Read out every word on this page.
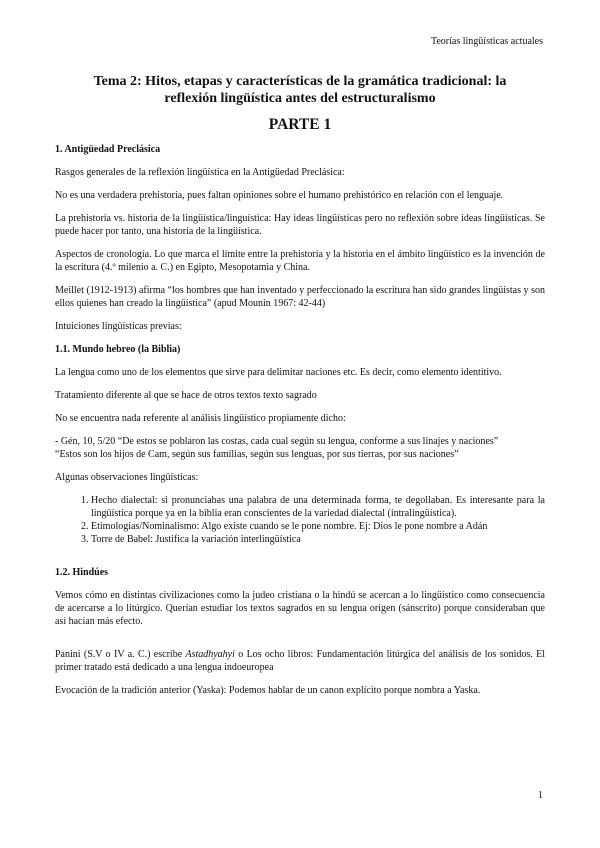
Teorías lingüísticas actuales
Tema 2: Hitos, etapas y características de la gramática tradicional: la reflexión lingüística antes del estructuralismo
PARTE 1
1. Antigüedad Preclásica

Rasgos generales de la reflexión lingüística en la Antigüedad Preclásica:

No es una verdadera prehistoria, pues faltan opiniones sobre el humano prehistórico en relación con el lenguaje.

La prehistoria vs. historia de la lingüística/linguística: Hay ideas lingüísticas pero no reflexión sobre ideas lingüísticas. Se puede hacer por tanto, una historia de la lingüística.

Aspectos de cronología. Lo que marca el límite entre la prehistoria y la historia en el ámbito lingüístico es la invención de la escritura (4.º milenio a. C.) en Egipto, Mesopotamia y China.

Meillet (1912-1913) afirma “los hombres que han inventado y perfeccionado la escritura han sido grandes lingüistas y son ellos quienes han creado la lingüística” (apud Mounin 1967: 42-44)

Intuiciones lingüísticas previas:

1.1. Mundo hebreo (la Biblia)

La lengua como uno de los elementos que sirve para delimitar naciones etc. Es decir, como elemento identitivo.

Tratamiento diferente al que se hace de otros textos texto sagrado

No se encuentra nada referente al análisis lingüístico propiamente dicho:

- Gén, 10, 5/20 “De estos se poblaron las costas, cada cual según su lengua, conforme a sus linajes y naciones”
“Estos son los hijos de Cam, según sus familias, según sus lenguas, por sus tierras, por sus naciones”

Algunas observaciones lingüísticas:

1. Hecho dialectal: si pronunciabas una palabra de una determinada forma, te degollaban. Es interesante para la lingüística porque ya en la biblia eran conscientes de la variedad dialectal (intralingüística).
2. Etimologías/Nominalismo: Algo existe cuando se le pone nombre. Ej: Dios le pone nombre a Adán
3. Torre de Babel: Justifica la variación interlingüística
1.2. Hindúes

Vemos cómo en distintas civilizaciones como la judeo cristiana o la hindú se acercan a lo lingüístico como consecuencia de acercarse a lo litúrgico. Querían estudiar los textos sagrados en su lengua origen (sánscrito) porque consideraban que así hacían más efecto.

Panini (S.V o IV a. C.) escribe Astadhyahyi o Los ocho libros: Fundamentación litúrgica del análisis de los sonidos. El primer tratado está dedicado a una lengua indoeuropea

Evocación de la tradición anterior (Yaska): Podemos hablar de un canon explícito porque nombra a Yaska.

1
